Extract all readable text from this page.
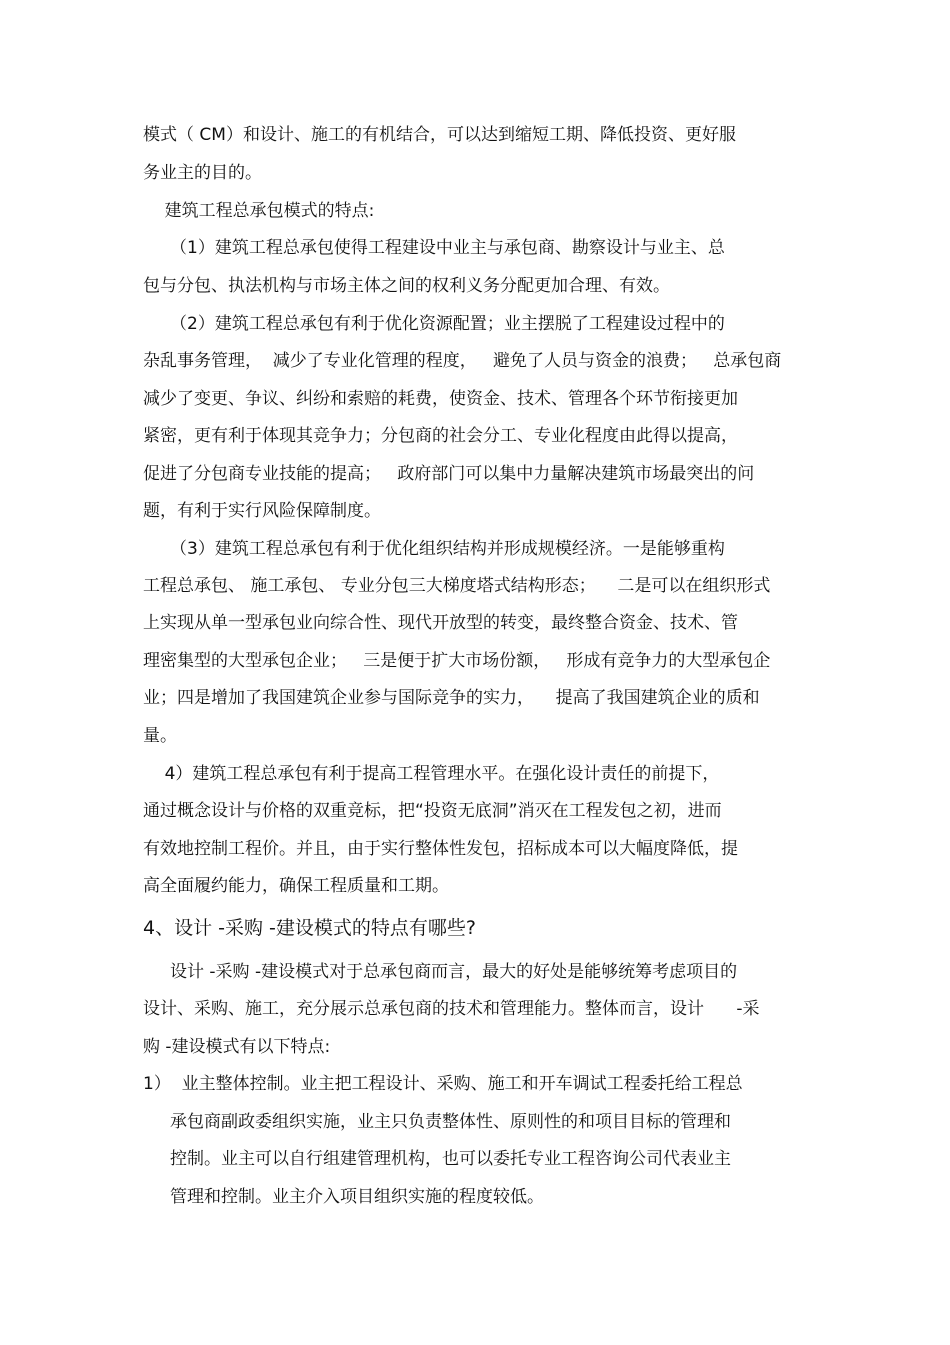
模式（ CM）和设计、施工的有机结合，可以达到缩短工期、降低投资、更好服
务业主的目的。
建筑工程总承包模式的特点:
（1）建筑工程总承包使得工程建设中业主与承包商、勘察设计与业主、总
包与分包、执法机构与市场主体之间的权利义务分配更加合理、有效。
（2）建筑工程总承包有利于优化资源配置；业主摆脱了工程建设过程中的
杂乱事务管理，  减少了专业化管理的程度，   避免了人员与资金的浪费；   总承包商
减少了变更、争议、纠纷和索赔的耗费，使资金、技术、管理各个环节衔接更加
紧密，更有利于体现其竞争力；分包商的社会分工、专业化程度由此得以提高，
促进了分包商专业技能的提高；   政府部门可以集中力量解决建筑市场最突出的问
题，有利于实行风险保障制度。
（3）建筑工程总承包有利于优化组织结构并形成规模经济。一是能够重构
工程总承包、 施工承包、 专业分包三大梯度塔式结构形态；    二是可以在组织形式
上实现从单一型承包业向综合性、现代开放型的转变，最终整合资金、技术、管
理密集型的大型承包企业；   三是便于扩大市场份额，   形成有竞争力的大型承包企
业；四是增加了我国建筑企业参与国际竞争的实力，    提高了我国建筑企业的质和
量。
4）建筑工程总承包有利于提高工程管理水平。在强化设计责任的前提下，
通过概念设计与价格的双重竞标，把“投资无底洞”消灭在工程发包之初，进而
有效地控制工程价。并且，由于实行整体性发包，招标成本可以大幅度降低，提
高全面履约能力，确保工程质量和工期。
4、设计 -采购 -建设模式的特点有哪些?
设计 -采购 -建设模式对于总承包商而言，最大的好处是能够统筹考虑项目的
设计、采购、施工，充分展示总承包商的技术和管理能力。整体而言，设计      -采
购 -建设模式有以下特点:
1）  业主整体控制。业主把工程设计、采购、施工和开车调试工程委托给工程总
承包商副政委组织实施，业主只负责整体性、原则性的和项目目标的管理和
控制。业主可以自行组建管理机构，也可以委托专业工程咨询公司代表业主
管理和控制。业主介入项目组织实施的程度较低。
